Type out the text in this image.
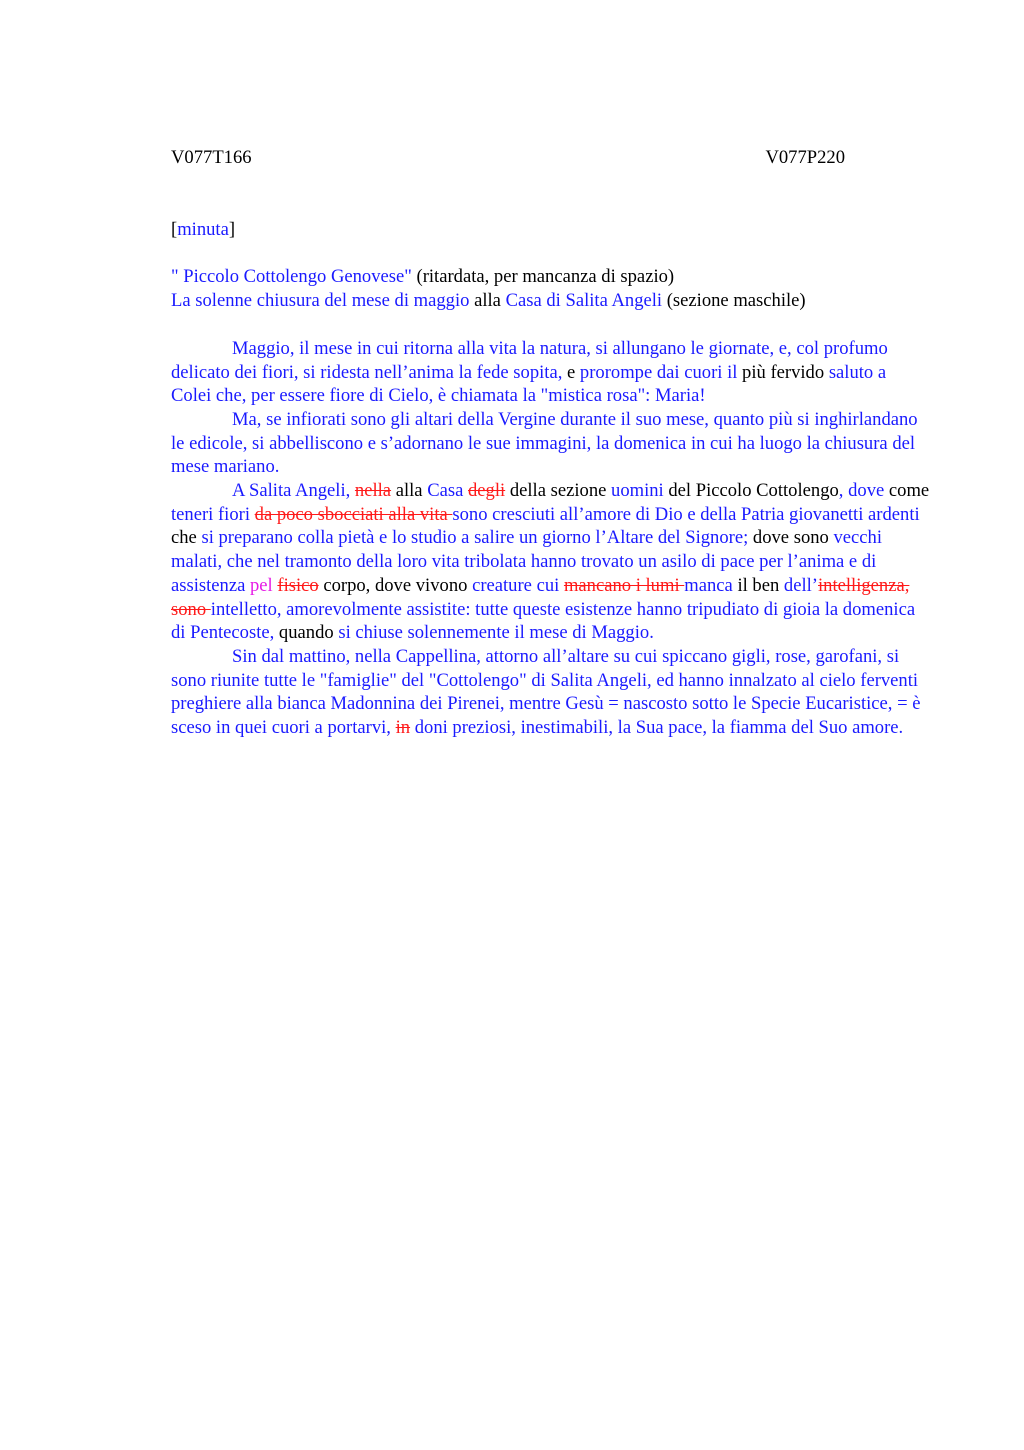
V077T166	V077P220

[minuta]

" Piccolo Cottolengo Genovese" (ritardata, per mancanza di spazio)

La solenne chiusura del mese di maggio alla Casa di Salita Angeli (sezione maschile)

Maggio, il mese in cui ritorna alla vita la natura, si allungano le giornate, e, col profumo delicato dei fiori, si ridesta nell’anima la fede sopita, e prorompe dai cuori il più fervido saluto a Colei che, per essere fiore di Cielo, è chiamata la "mistica rosa": Maria!

Ma, se infiorati sono gli altari della Vergine durante il suo mese, quanto più si inghirlandano le edicole, si abbelliscono e s’adornano le sue immagini, la domenica in cui ha luogo la chiusura del mese mariano.

A Salita Angeli, nella alla Casa degli della sezione uomini del Piccolo Cottolengo, dove come teneri fiori da poco sbocciati alla vita sono cresciuti all’amore di Dio e della Patria giovanetti ardenti che si preparano colla pietà e lo studio a salire un giorno l’Altare del Signore; dove sono vecchi malati, che nel tramonto della loro vita tribolata hanno trovato un asilo di pace per l’anima e di assistenza pel fisico corpo, dove vivono creature cui mancano i lumi manca il ben dell’intelligenza, sono intelletto, amorevolmente assistite: tutte queste esistenze hanno tripudiato di gioia la domenica di Pentecoste, quando si chiuse solennemente il mese di Maggio.

Sin dal mattino, nella Cappellina, attorno all’altare su cui spiccano gigli, rose, garofani, si sono riunite tutte le "famiglie" del "Cottolengo" di Salita Angeli, ed hanno innalzato al cielo ferventi preghiere alla bianca Madonnina dei Pirenei, mentre Gesù = nascosto sotto le Specie Eucaristice, = è sceso in quei cuori a portarvi, in doni preziosi, inestimabili, la Sua pace, la fiamma del Suo amore.
